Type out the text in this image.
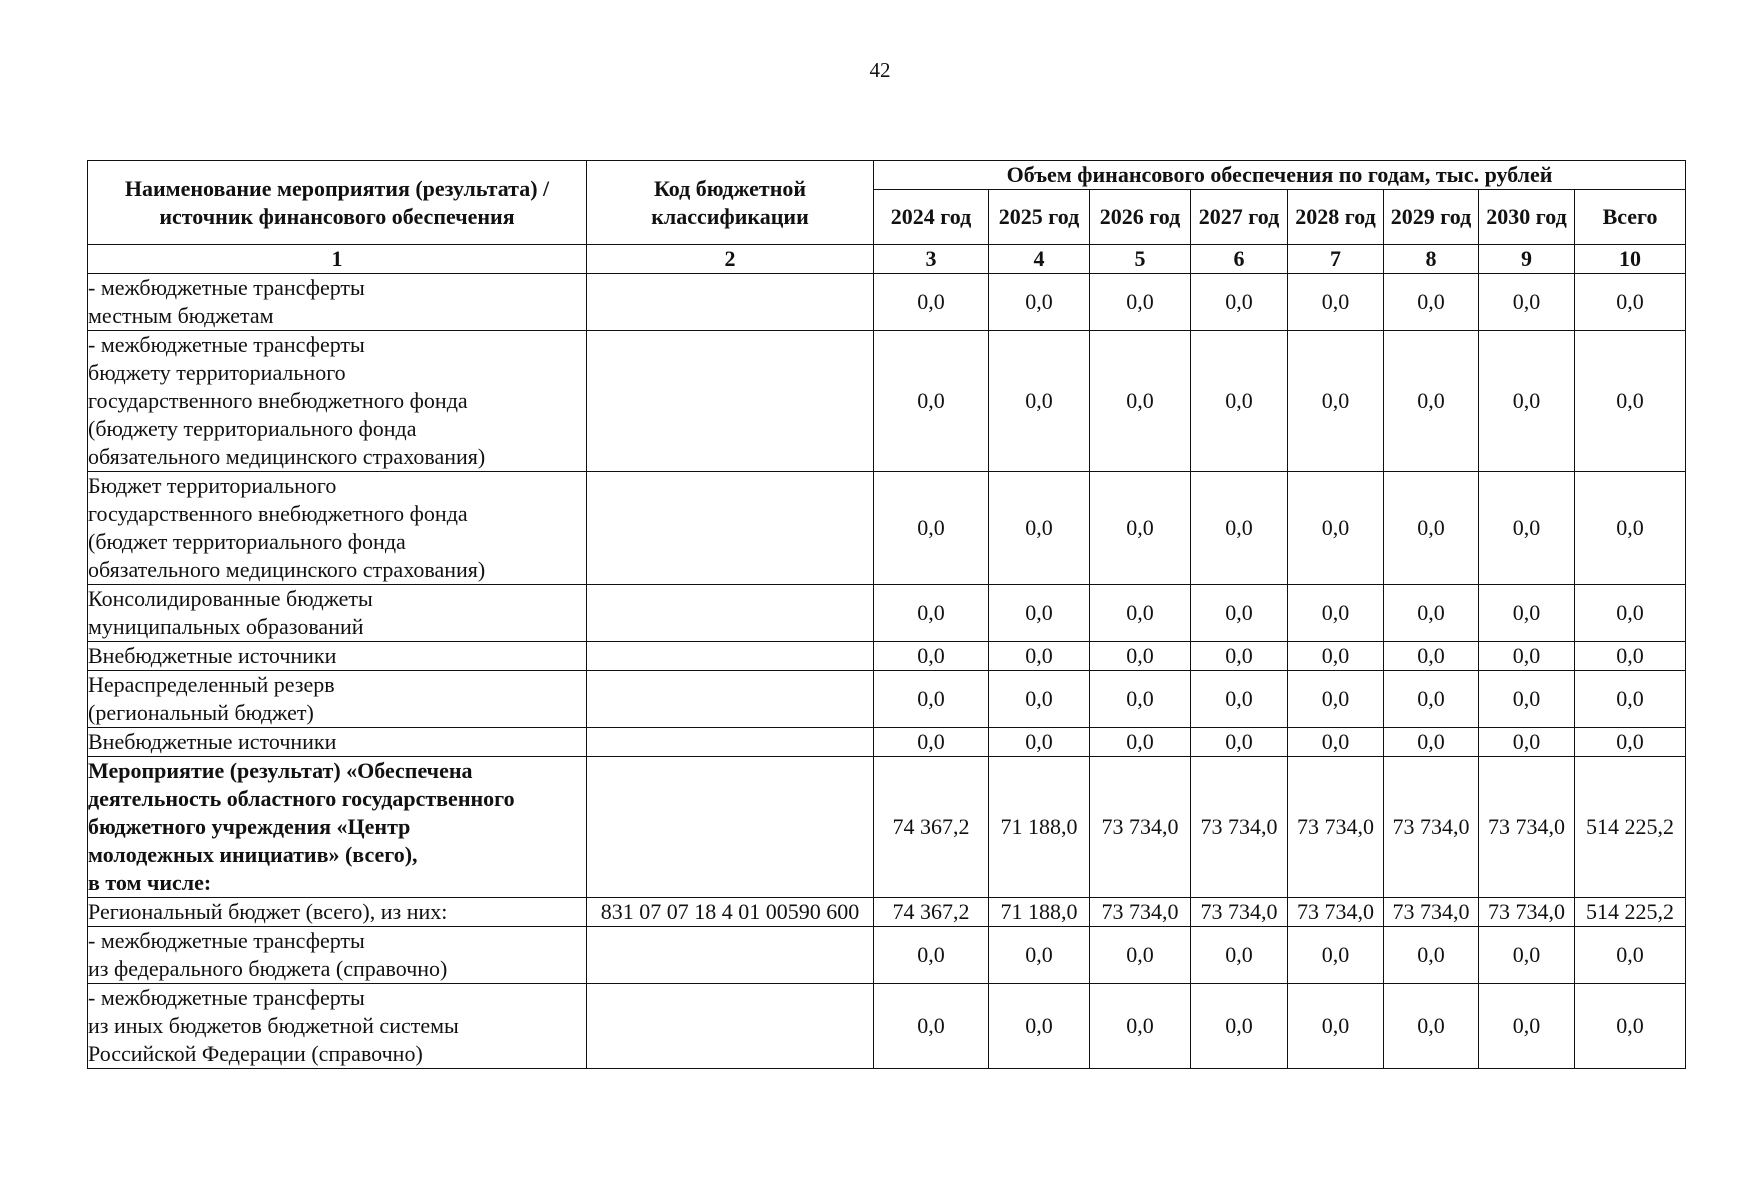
42
Наименование мероприятия (результата) / источник финансового обеспечения	Код бюджетной классификации	Объем финансового обеспечения по годам, тыс. рублей							
		2024 год	2025 год	2026 год	2027 год	2028 год	2029 год	2030 год	Всего
1	2	3	4	5	6	7	8	9	10
- межбюджетные трансферты
местным бюджетам		0,0	0,0	0,0	0,0	0,0	0,0	0,0	0,0
- межбюджетные трансферты
бюджету территориального
государственного внебюджетного фонда
(бюджету территориального фонда
обязательного медицинского страхования)		0,0	0,0	0,0	0,0	0,0	0,0	0,0	0,0
Бюджет территориального
государственного внебюджетного фонда
(бюджет территориального фонда
обязательного медицинского страхования)		0,0	0,0	0,0	0,0	0,0	0,0	0,0	0,0
Консолидированные бюджеты
муниципальных образований		0,0	0,0	0,0	0,0	0,0	0,0	0,0	0,0
Внебюджетные источники		0,0	0,0	0,0	0,0	0,0	0,0	0,0	0,0
Нераспределенный резерв
(региональный бюджет)		0,0	0,0	0,0	0,0	0,0	0,0	0,0	0,0
Внебюджетные источники		0,0	0,0	0,0	0,0	0,0	0,0	0,0	0,0
Мероприятие (результат) «Обеспечена
деятельность областного государственного
бюджетного учреждения «Центр
молодежных инициатив» (всего),
в том числе:		74 367,2	71 188,0	73 734,0	73 734,0	73 734,0	73 734,0	73 734,0	514 225,2
Региональный бюджет (всего), из них:	831 07 07 18 4 01 00590 600	74 367,2	71 188,0	73 734,0	73 734,0	73 734,0	73 734,0	73 734,0	514 225,2
- межбюджетные трансферты
из федерального бюджета (справочно)		0,0	0,0	0,0	0,0	0,0	0,0	0,0	0,0
- межбюджетные трансферты
из иных бюджетов бюджетной системы
Российской Федерации (справочно)		0,0	0,0	0,0	0,0	0,0	0,0	0,0	0,0
